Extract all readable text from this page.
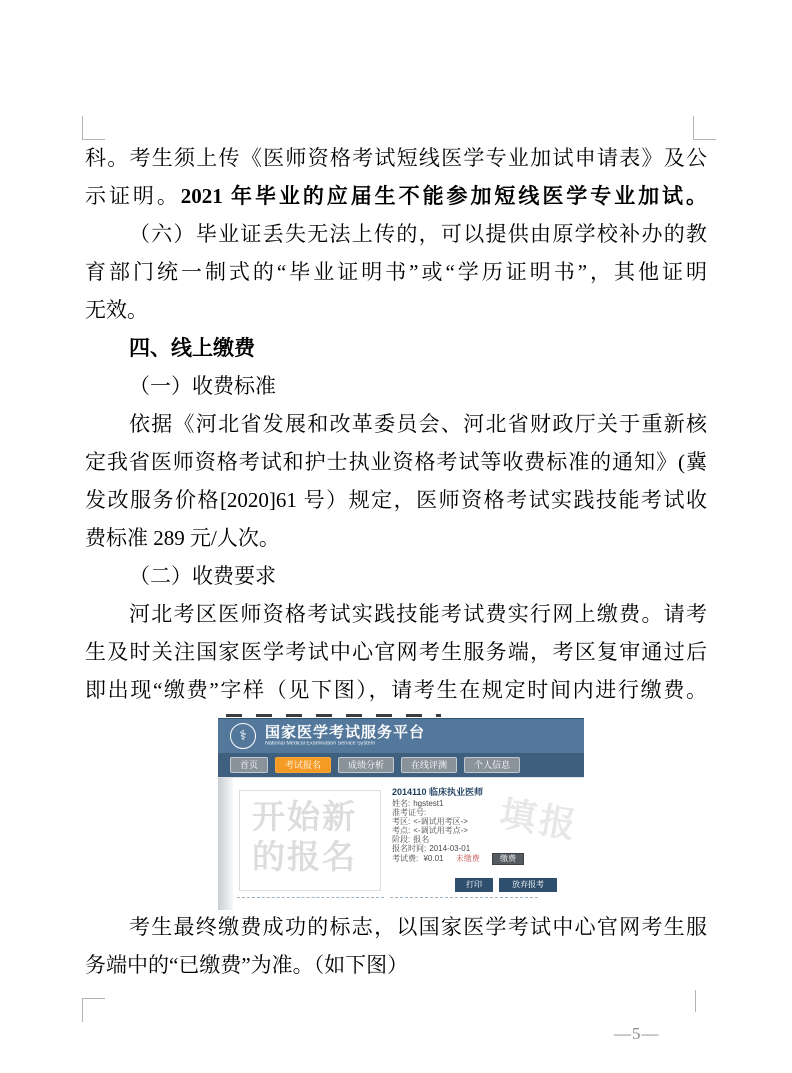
科。考生须上传《医师资格考试短线医学专业加试申请表》及公
示证明。2021 年毕业的应届生不能参加短线医学专业加试。
（六）毕业证丢失无法上传的，可以提供由原学校补办的教
育部门统一制式的“毕业证明书”或“学历证明书”，其他证明
无效。
四、线上缴费
（一）收费标准
依据《河北省发展和改革委员会、河北省财政厅关于重新核
定我省医师资格考试和护士执业资格考试等收费标准的通知》(冀
发改服务价格[2020]61 号）规定，医师资格考试实践技能考试收
费标准 289 元/人次。
（二）收费要求
河北考区医师资格考试实践技能考试费实行网上缴费。请考
生及时关注国家医学考试中心官网考生服务端，考区复审通过后
即出现“缴费”字样（见下图），请考生在规定时间内进行缴费。
⚕	国家医学考试服务平台
National Medical Examination Service System
首页	考试报名	成绩分析	在线评测	个人信息
开始新
的报名
填报
2014110 临床执业医师
姓名: hgstest1
准考证号:
考区: <-调试用考区->
考点: <-调试用考点->
阶段: 报名
报名时间: 2014-03-01
考试费: ¥0.01 未缴费	缴费
打印	放弃报考
考生最终缴费成功的标志，以国家医学考试中心官网考生服
务端中的“已缴费”为准。（如下图）
—5—
